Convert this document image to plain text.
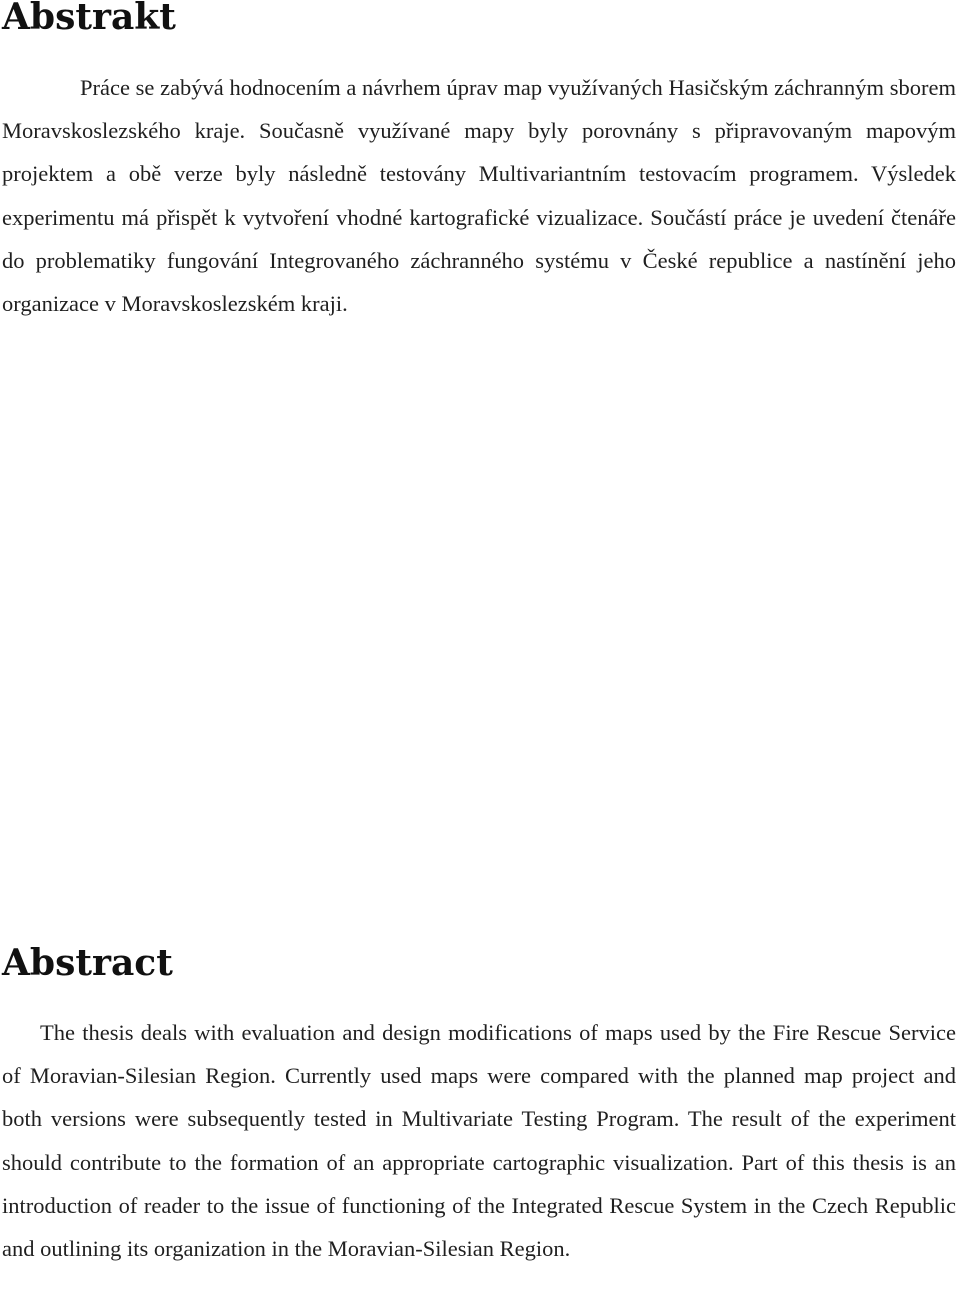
Abstrakt

Práce se zabývá hodnocením a návrhem úprav map využívaných Hasičským záchranným sborem Moravskoslezského kraje. Současně využívané mapy byly porovnány s připravovaným mapovým projektem a obě verze byly následně testovány Multivariantním testovacím programem. Výsledek experimentu má přispět k vytvoření vhodné kartografické vizualizace. Součástí práce je uvedení čtenáře do problematiky fungování Integrovaného záchranného systému v České republice a nastínění jeho organizace v Moravskoslezském kraji.

Abstract

The thesis deals with evaluation and design modifications of maps used by the Fire Rescue Service of Moravian-Silesian Region. Currently used maps were compared with the planned map project and both versions were subsequently tested in Multivariate Testing Program. The result of the experiment should contribute to the formation of an appropriate cartographic visualization. Part of this thesis is an introduction of reader to the issue of functioning of the Integrated Rescue System in the Czech Republic and outlining its organization in the Moravian-Silesian Region.
